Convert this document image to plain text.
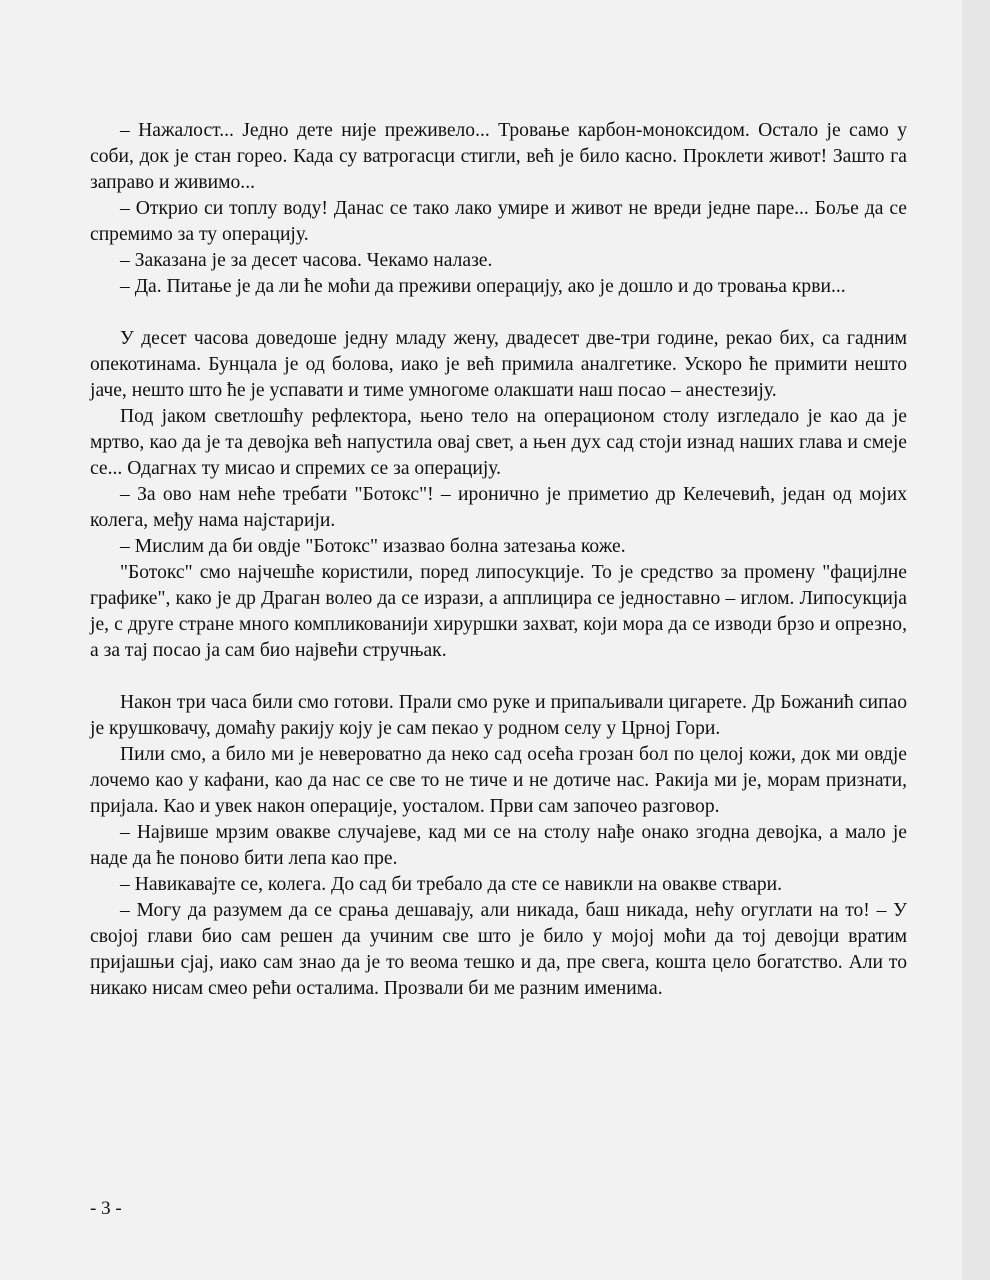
– Нажалост... Једно дете није преживело... Тровање карбон-моноксидом. Остало је само у соби, док је стан горео. Када су ватрогасци стигли, већ је било касно. Проклети живот! Зашто га заправо и живимо...

– Открио си топлу воду! Данас се тако лако умире и живот не вреди једне паре... Боље да се спремимо за ту операцију.

– Заказана је за десет часова. Чекамо налазе.

– Да. Питање је да ли ће моћи да преживи операцију, ако је дошло и до тровања крви...

У десет часова доведоше једну младу жену, двадесет две-три године, рекао бих, са гадним опекотинама. Бунцала је од болова, иако је већ примила аналгетике. Ускоро ће примити нешто јаче, нешто што ће је успавати и тиме умногоме олакшати наш посао – анестезију.

Под јаком светлошћу рефлектора, њено тело на операционом столу изгледало је као да је мртво, као да је та девојка већ напустила овај свет, а њен дух сад стоји изнад наших глава и смеје се... Одагнах ту мисао и спремих се за операцију.

– За ово нам неће требати "Ботокс"! – иронично је приметио др Келечевић, један од мојих колега, међу нама најстарији.

– Мислим да би овдје "Ботокс" изазвао болна затезања коже.

"Ботокс" смо најчешће користили, поред липосукције. То је средство за промену "фацијлне графике", како је др Драган волео да се изрази, а апплицира се једноставно – иглом. Липосукција је, с друге стране много компликованији хируршки захват, који мора да се изводи брзо и опрезно, а за тај посао ја сам био највећи стручњак.

Након три часа били смо готови. Прали смо руке и припаљивали цигарете. Др Божанић сипао је крушковачу, домаћу ракију коју је сам пекао у родном селу у Црној Гори.

Пили смо, а било ми је невероватно да неко сад осећа грозан бол по целој кожи, док ми овдје лочемо као у кафани, као да нас се све то не тиче и не дотиче нас. Ракија ми је, морам признати, пријала. Као и увек након операције, уосталом. Први сам започео разговор.

– Највише мрзим овакве случајеве, кад ми се на столу нађе онако згодна девојка, а мало је наде да ће поново бити лепа као пре.

– Навикавајте се, колега. До сад би требало да сте се навикли на овакве ствари.

– Могу да разумем да се срања дешавају, али никада, баш никада, нећу огуглати на то! – У својој глави био сам решен да учиним све што је било у мојој моћи да тој девојци вратим пријашњи сјај, иако сам знао да је то веома тешко и да, пре свега, кошта цело богатство. Али то никако нисам смео рећи осталима. Прозвали би ме разним именима.

- 3 -
